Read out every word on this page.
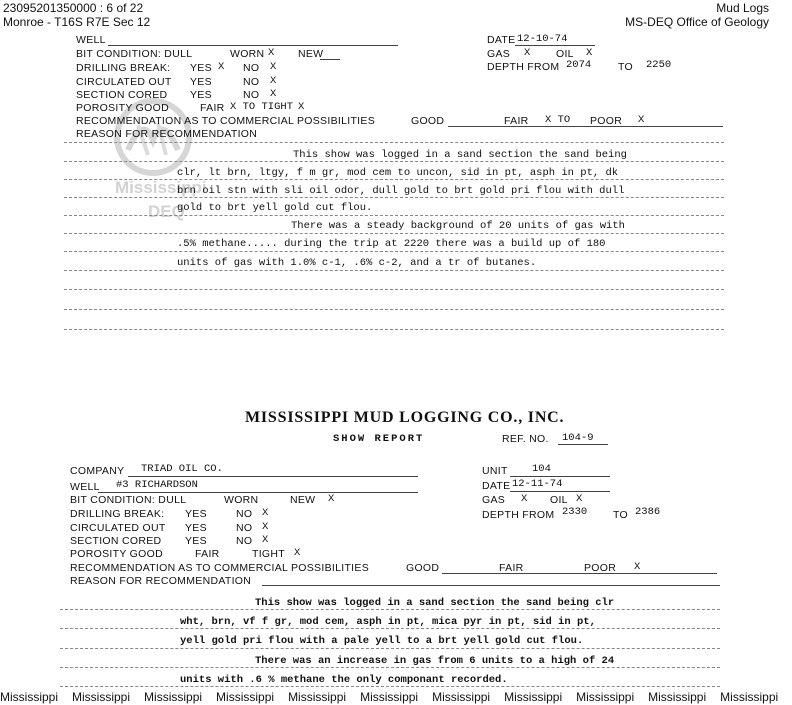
23095201350000 : 6 of 22
Monroe - T16S R7E Sec 12
Mud Logs
MS-DEQ Office of Geology
Mississippi
DEQ
WELL
BIT CONDITION: DULL	WORN X NEW
DRILLING BREAK: YES X NO X
CIRCULATED OUT YES	NO X
SECTION CORED YES	NO X
POROSITY GOOD	FAIR X TO TIGHT X
RECOMMENDATION AS TO COMMERCIAL POSSIBILITIES	GOOD	FAIR X TO POOR X
REASON FOR RECOMMENDATION
DATE 12-10-74
GAS X OIL X
DEPTH FROM 2074	TO 2250
This show was logged in a sand section the sand being
clr, lt brn, ltgy, f m gr, mod cem to uncon, sid in pt, asph in pt, dk
brn oil stn with sli oil odor, dull gold to brt gold pri flou with dull
gold to brt yell gold cut flou.
There was a steady background of 20 units of gas with
.5% methane..... during the trip at 2220 there was a build up of 180
units of gas with 1.0% c-1, .6% c-2, and a tr of butanes.
MISSISSIPPI MUD LOGGING CO., INC.
SHOW REPORT	REF. NO. 104-9
COMPANY TRIAD OIL CO.
WELL #3 RICHARDSON
UNIT 104
DATE 12-11-74
BIT CONDITION: DULL	WORN	NEW X	GAS X OIL X
DRILLING BREAK: YES	NO X	DEPTH FROM 2330 TO 2386
CIRCULATED OUT YES	NO X
SECTION CORED YES	NO X
POROSITY GOOD	FAIR	TIGHT X
RECOMMENDATION AS TO COMMERCIAL POSSIBILITIES	GOOD	FAIR	POOR X
REASON FOR RECOMMENDATION
This show was logged in a sand section the sand being clr
wht, brn, vf f gr, mod cem, asph in pt, mica pyr in pt, sid in pt,
yell gold pri flou with a pale yell to a brt yell gold cut flou.
There was an increase in gas from 6 units to a high of 24
units with .6 % methane the only componant recorded.
Mississippi Mississippi Mississippi Mississippi Mississippi Mississippi Mississippi Mississippi Mississippi Mississippi Mississippi
